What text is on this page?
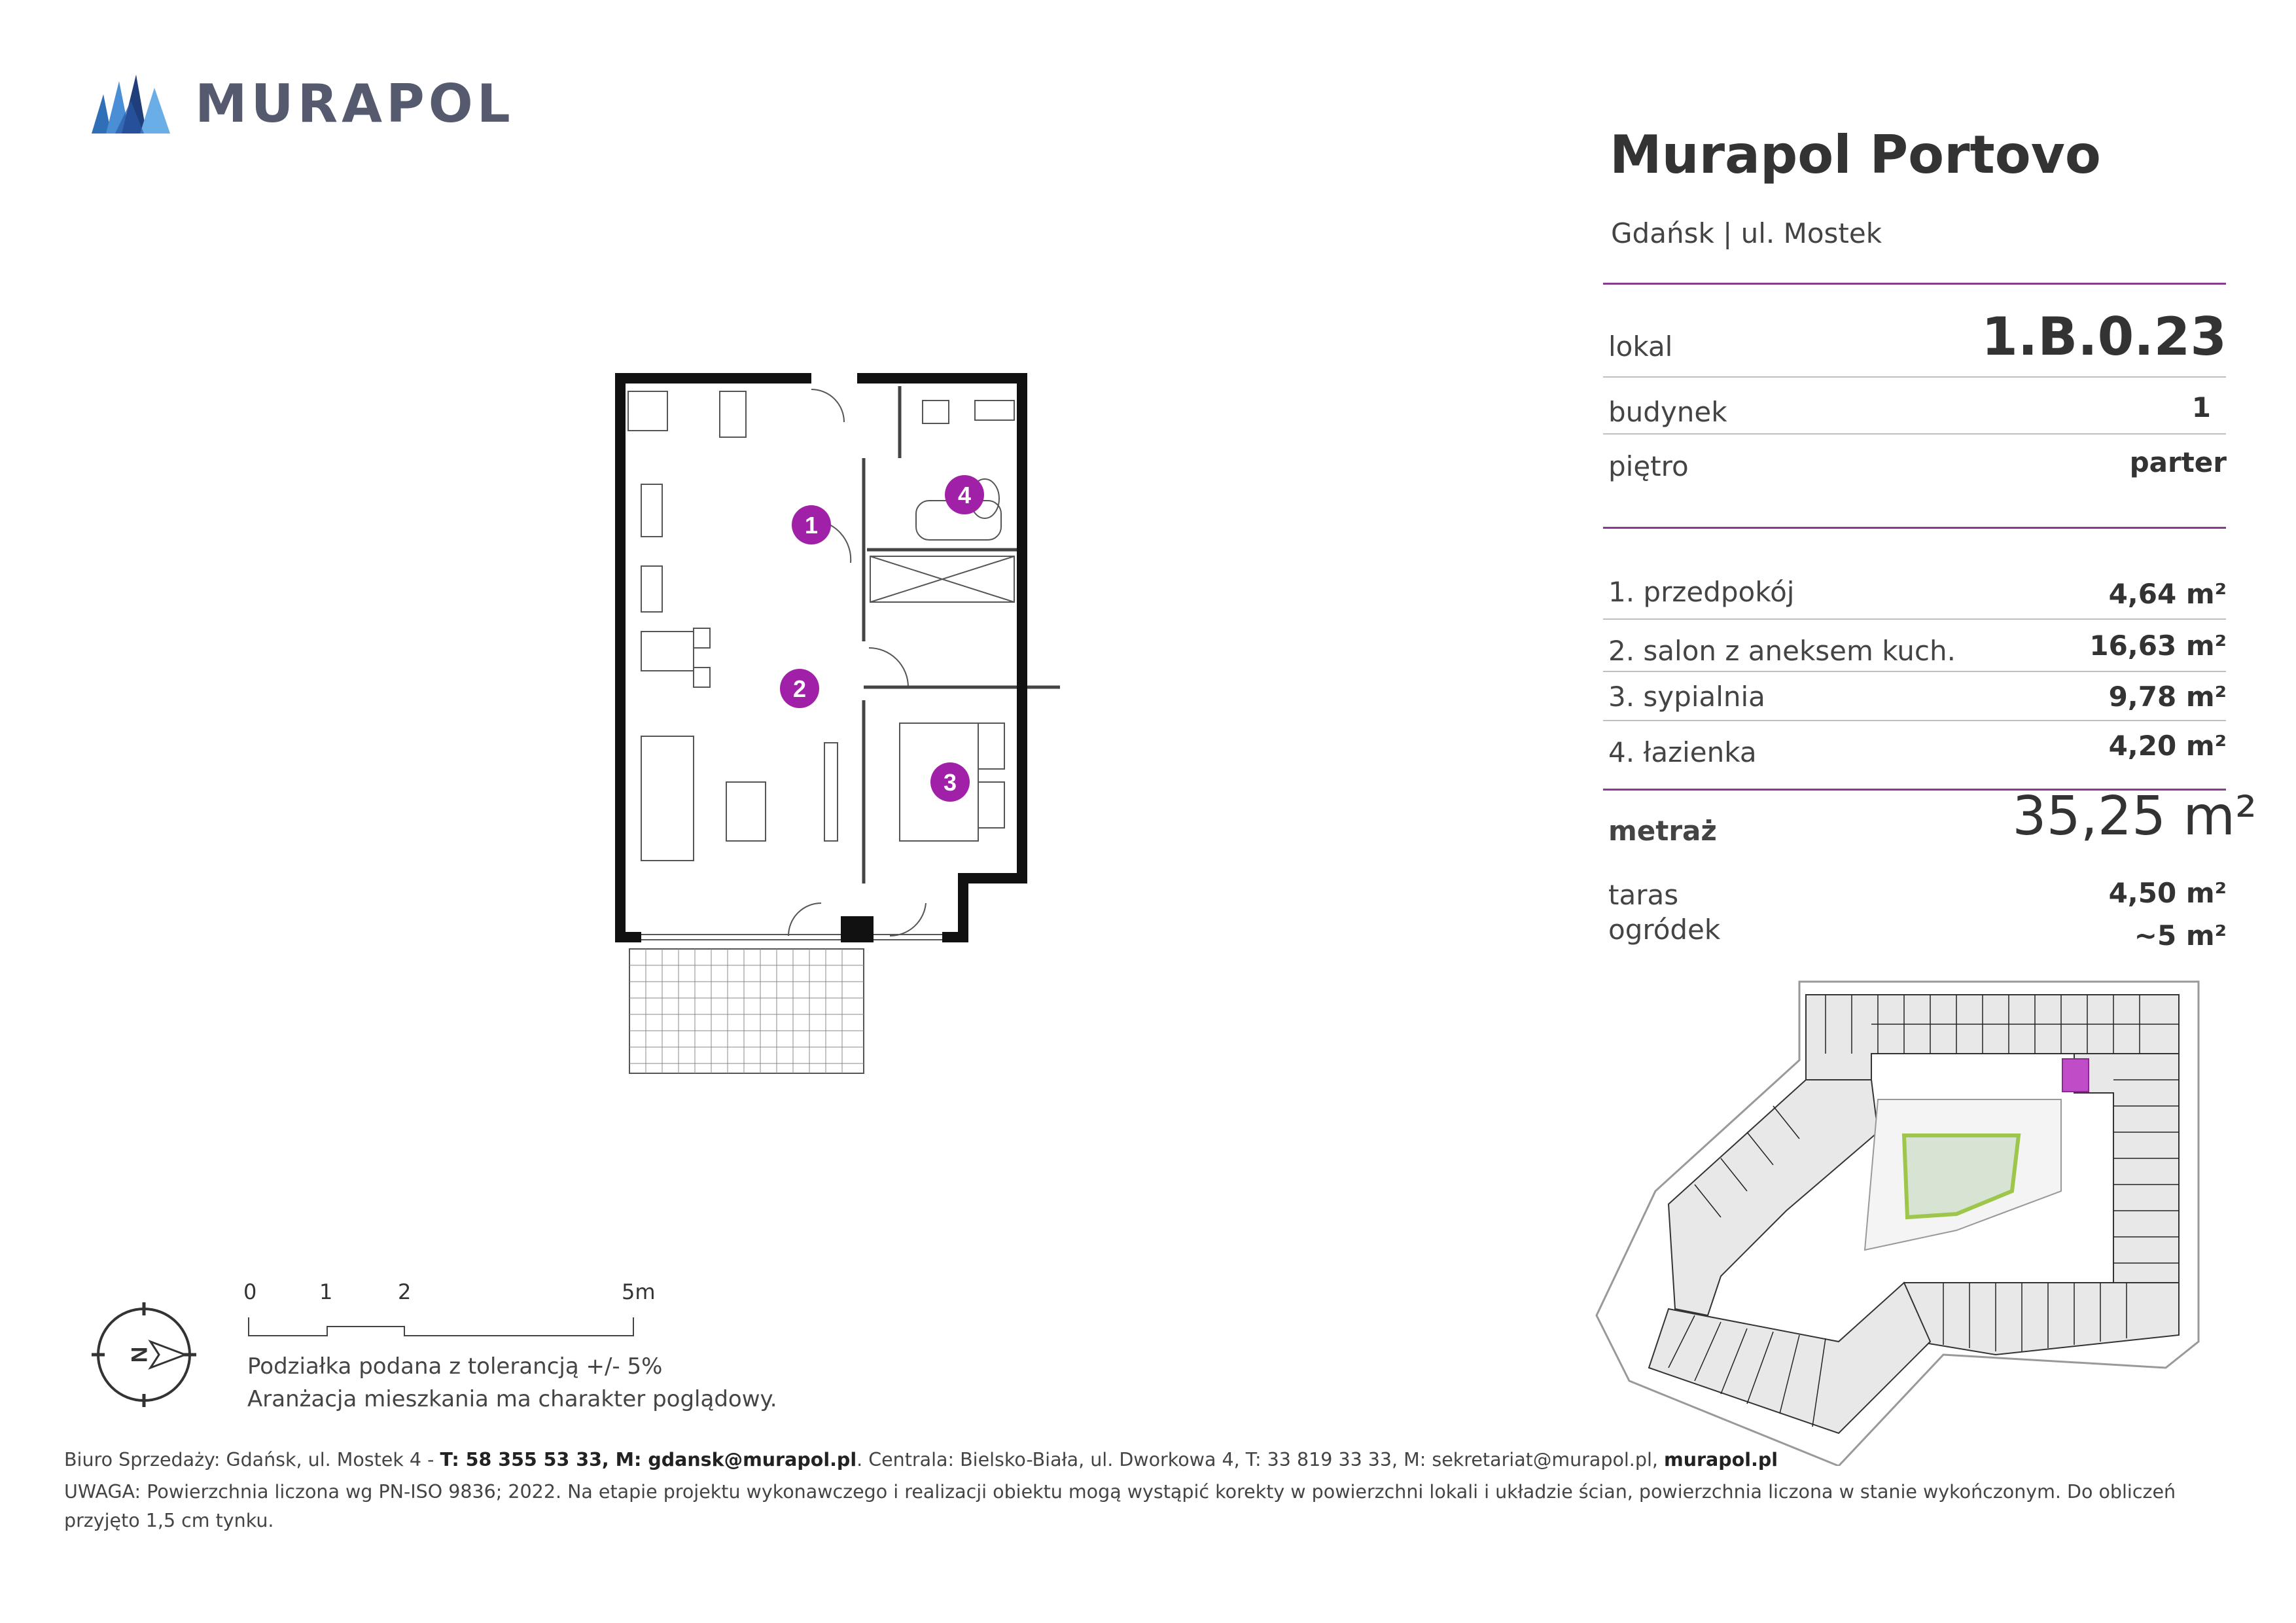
MURAPOL
Murapol Portovo
Gdańsk | ul. Mostek
lokal	1.B.0.23
budynek	1
piętro	parter
1. przedpokój	4,64 m²
2. salon z aneksem kuch.	16,63 m²
3. sypialnia	9,78 m²
4. łazienka	4,20 m²
metraż	35,25 m²
taras	4,50 m²
ogródek	~5 m²
1
2
3
4
0	1	2	5m
N	Podziałka podana z tolerancją +/- 5%
Aranżacja mieszkania ma charakter poglądowy.
Biuro Sprzedaży: Gdańsk, ul. Mostek 4 - T: 58 355 53 33, M: gdansk@murapol.pl. Centrala: Bielsko-Biała, ul. Dworkowa 4, T: 33 819 33 33, M: sekretariat@murapol.pl, murapol.pl
UWAGA: Powierzchnia liczona wg PN-ISO 9836; 2022. Na etapie projektu wykonawczego i realizacji obiektu mogą wystąpić korekty w powierzchni lokali i układzie ścian, powierzchnia liczona w stanie wykończonym. Do obliczeń przyjęto 1,5 cm tynku.
